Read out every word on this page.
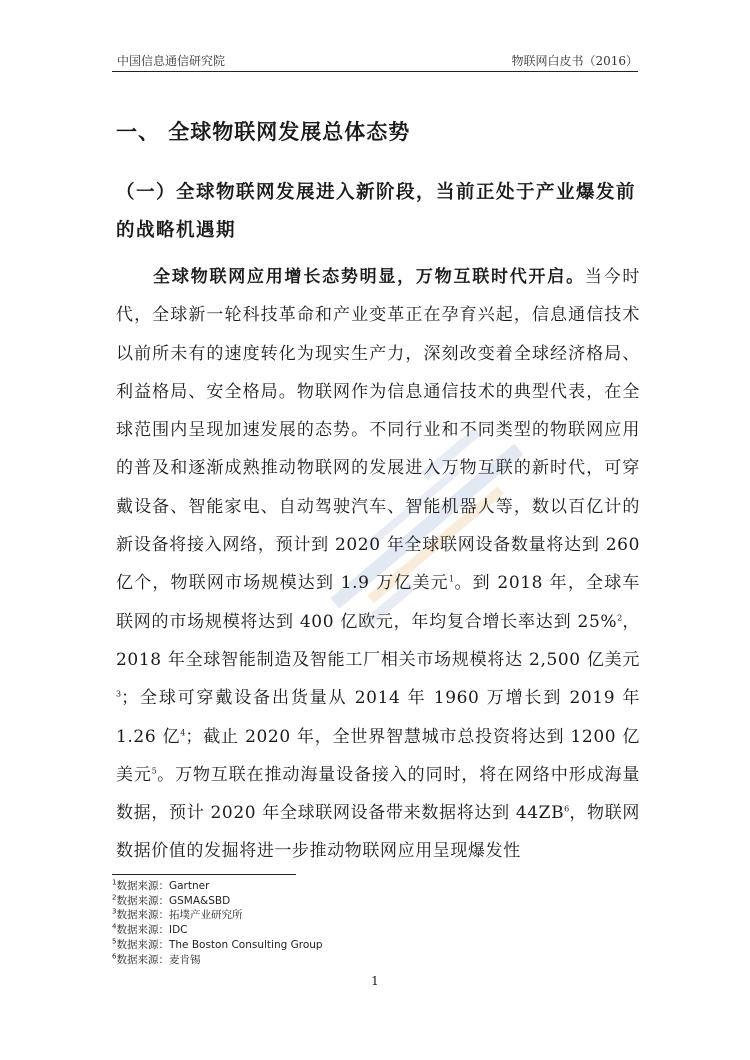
中国信息通信研究院	物联网白皮书（2016）
一、 全球物联网发展总体态势
（一）全球物联网发展进入新阶段，当前正处于产业爆发前的战略机遇期

全球物联网应用增长态势明显，万物互联时代开启。当今时代，全球新一轮科技革命和产业变革正在孕育兴起，信息通信技术以前所未有的速度转化为现实生产力，深刻改变着全球经济格局、利益格局、安全格局。物联网作为信息通信技术的典型代表，在全球范围内呈现加速发展的态势。不同行业和不同类型的物联网应用的普及和逐渐成熟推动物联网的发展进入万物互联的新时代，可穿戴设备、智能家电、自动驾驶汽车、智能机器人等，数以百亿计的新设备将接入网络，预计到 2020 年全球联网设备数量将达到 260 亿个，物联网市场规模达到 1.9 万亿美元$^1$。到 2018 年，全球车联网的市场规模将达到 400 亿欧元，年均复合增长率达到 25%$^2$，2018 年全球智能制造及智能工厂相关市场规模将达 2,500 亿美元$^3$；全球可穿戴设备出货量从 2014 年 1960 万增长到 2019 年 1.26 亿$^4$；截止 2020 年，全世界智慧城市总投资将达到 1200 亿美元$^5$。万物互联在推动海量设备接入的同时，将在网络中形成海量数据，预计 2020 年全球联网设备带来数据将达到 $44ZB^6$，物联网数据价值的发掘将进一步推动物联网应用呈现爆发性

$^1$数据来源：Gartner
$^2$数据来源：GSMA&SBD
$^3$数据来源：拓墣产业研究所
$^4$数据来源：IDC
$^5$数据来源：The Boston Consulting Group
$^6$数据来源：麦肯锡
1
